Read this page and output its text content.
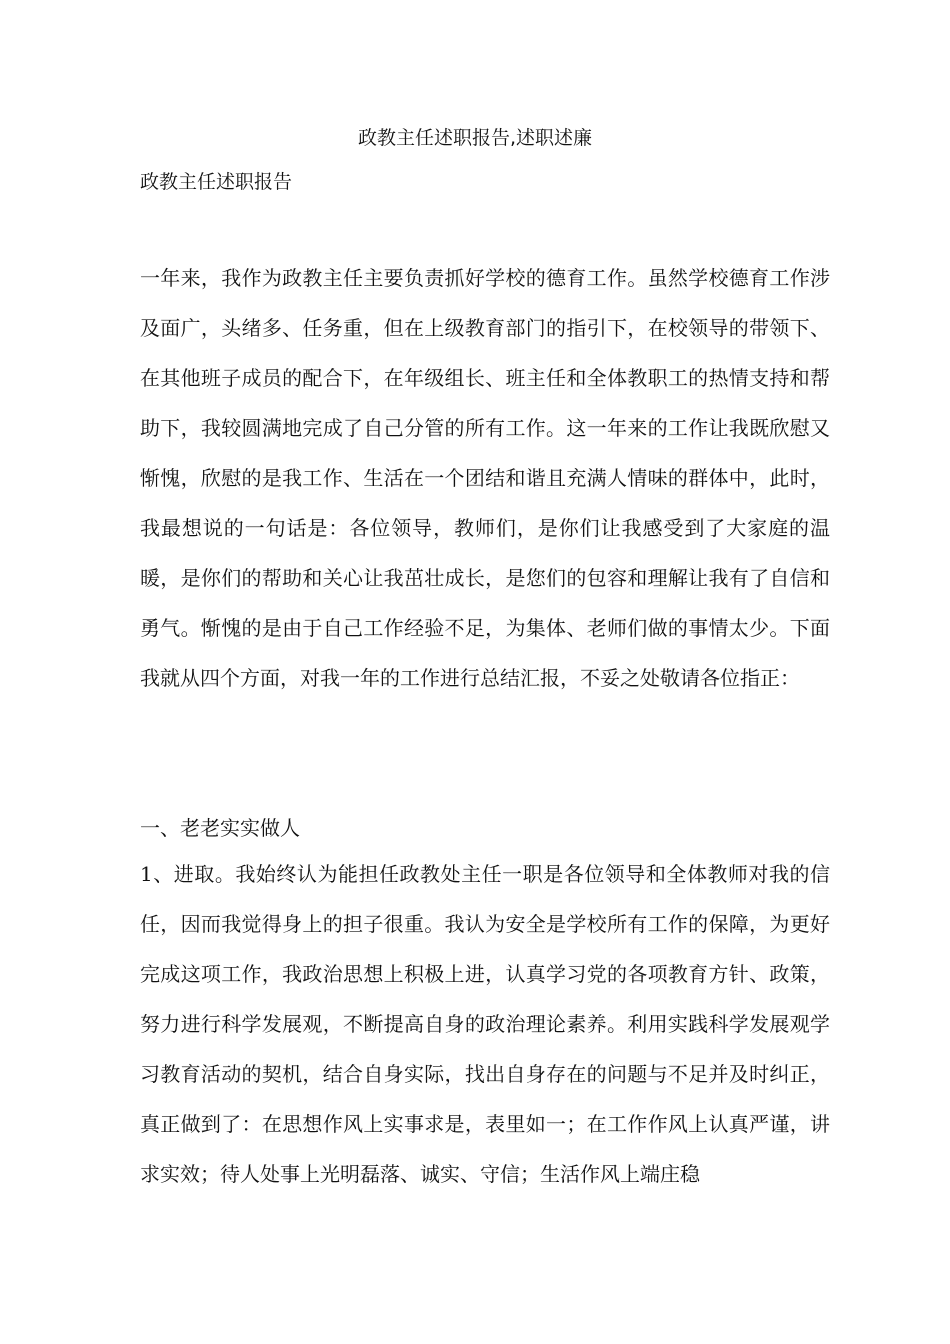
政教主任述职报告,述职述廉
政教主任述职报告

一年来，我作为政教主任主要负责抓好学校的德育工作。虽然学校德育工作涉及面广，头绪多、任务重，但在上级教育部门的指引下，在校领导的带领下、在其他班子成员的配合下，在年级组长、班主任和全体教职工的热情支持和帮助下，我较圆满地完成了自己分管的所有工作。这一年来的工作让我既欣慰又惭愧，欣慰的是我工作、生活在一个团结和谐且充满人情味的群体中，此时，我最想说的一句话是：各位领导，教师们，是你们让我感受到了大家庭的温暖，是你们的帮助和关心让我茁壮成长，是您们的包容和理解让我有了自信和勇气。惭愧的是由于自己工作经验不足，为集体、老师们做的事情太少。下面我就从四个方面，对我一年的工作进行总结汇报，不妥之处敬请各位指正：

一、老老实实做人

1、进取。我始终认为能担任政教处主任一职是各位领导和全体教师对我的信任，因而我觉得身上的担子很重。我认为安全是学校所有工作的保障，为更好完成这项工作，我政治思想上积极上进，认真学习党的各项教育方针、政策，努力进行科学发展观，不断提高自身的政治理论素养。利用实践科学发展观学习教育活动的契机，结合自身实际，找出自身存在的问题与不足并及时纠正，真正做到了：在思想作风上实事求是，表里如一；在工作作风上认真严谨，讲求实效；待人处事上光明磊落、诚实、守信；生活作风上端庄稳
